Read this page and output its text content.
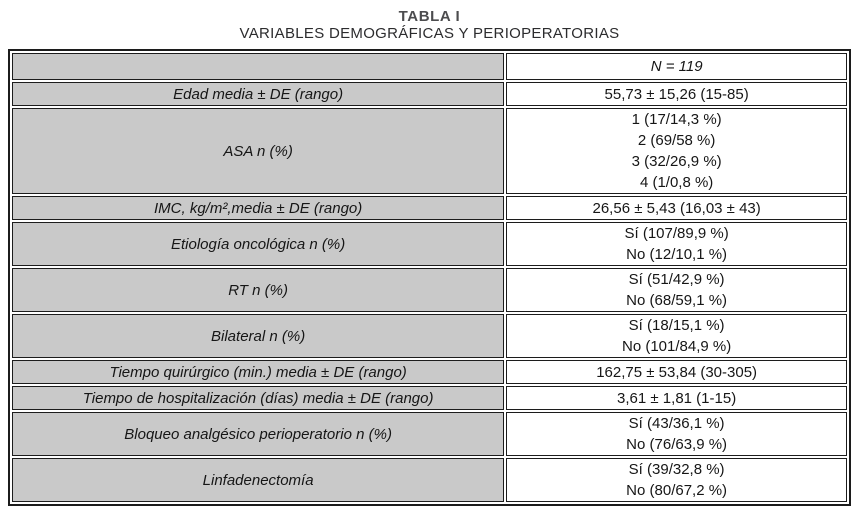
TABLA I
VARIABLES DEMOGRÁFICAS Y PERIOPERATORIAS
	N = 119
Edad media ± DE (rango)	55,73 ± 15,26 (15-85)

ASA n (%)	1 (17/14,3 %)
2 (69/58 %)
3 (32/26,9 %)
4 (1/0,8 %)

IMC, kg/m²,media ± DE (rango)	26,56 ± 5,43 (16,03 ± 43)

Etiología oncológica n (%)	Sí (107/89,9 %)
No (12/10,1 %)

RT n (%)	Sí (51/42,9 %)
No (68/59,1 %)

Bilateral n (%)	Sí (18/15,1 %)
No (101/84,9 %)

Tiempo quirúrgico (min.) media ± DE (rango)	162,75 ± 53,84 (30-305)

Tiempo de hospitalización (días) media ± DE (rango)	3,61 ± 1,81 (1-15)

Bloqueo analgésico perioperatorio n (%)	Sí (43/36,1 %)
No (76/63,9 %)

Linfadenectomía	Sí (39/32,8 %)
No (80/67,2 %)
